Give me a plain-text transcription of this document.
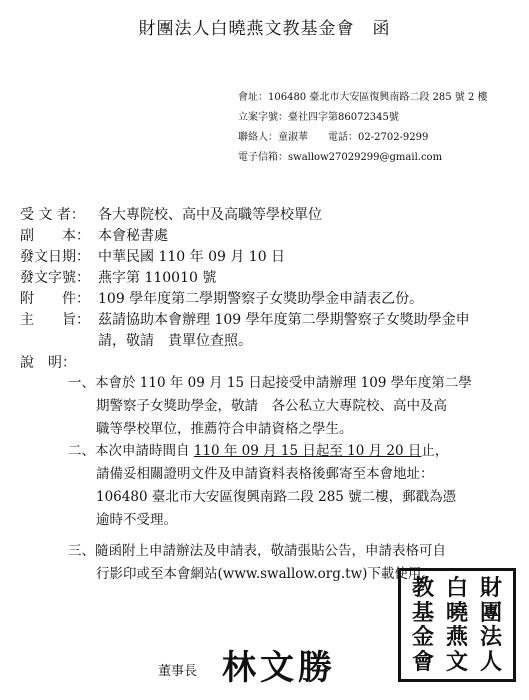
財團法人白曉燕文教基金會　函
會址：106480 臺北市大安區復興南路二段 285 號 2 樓
立案字號：臺社四字第86072345號
聯絡人：童淑華　　電話：02-2702-9299
電子信箱：swallow27029299@gmail.com
受 文 者： 各大專院校、高中及高職等學校單位
副　　本： 本會秘書處
發文日期： 中華民國 110 年 09 月 10 日
發文字號： 燕字第 110010 號
附　　件： 109 學年度第二學期警察子女獎助學金申請表乙份。
主　　旨： 茲請協助本會辦理 109 學年度第二學期警察子女獎助學金申
請，敬請　貴單位查照。
說　明：
一、本會於 110 年 09 月 15 日起接受申請辦理 109 學年度第二學
期警察子女獎助學金，敬請　各公私立大專院校、高中及高
職等學校單位，推薦符合申請資格之學生。
二、本次申請時間自 110 年 09 月 15 日起至 10 月 20 日止，
請備妥相關證明文件及申請資料表格後郵寄至本會地址：
106480 臺北市大安區復興南路二段 285 號二樓，郵戳為憑
逾時不受理。
三、隨函附上申請辦法及申請表，敬請張貼公告，申請表格可自
行影印或至本會網站(www.swallow.org.tw)下載使用。
董事長 林文勝
教 白 財
基 曉 團
金 燕 法
會 文 人
